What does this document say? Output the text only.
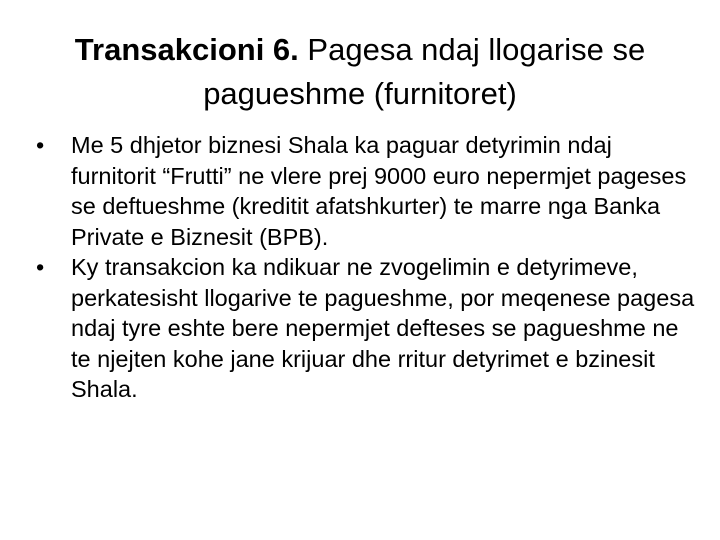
Transakcioni 6. Pagesa ndaj llogarise se
pagueshme (furnitoret)
•	Me 5 dhjetor biznesi Shala ka paguar detyrimin ndaj furnitorit “Frutti” ne vlere prej 9000 euro nepermjet pageses se deftueshme (kreditit afatshkurter) te marre nga Banka Private e Biznesit (BPB).
•	Ky transakcion ka ndikuar ne zvogelimin e detyrimeve, perkatesisht llogarive te pagueshme, por meqenese pagesa ndaj tyre eshte bere nepermjet defteses se pagueshme ne te njejten kohe jane krijuar dhe rritur detyrimet e bzinesit Shala.
